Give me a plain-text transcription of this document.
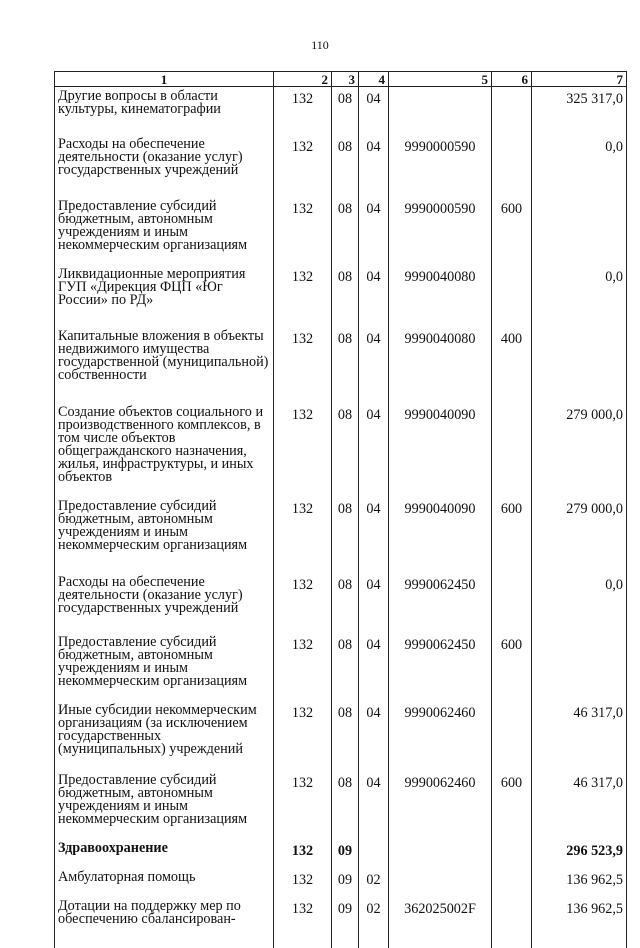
110
1	2	3	4	5	6	7
Другие вопросы в области культуры, кинематографии	132	08	04			325 317,0
Расходы на обеспечение деятельности (оказание услуг) государственных учреждений	132	08	04	9990000590		0,0
Предоставление субсидий бюджетным, автономным учреждениям и иным некоммерческим организациям	132	08	04	9990000590	600	
Ликвидационные мероприятия ГУП «Дирекция ФЦП «Юг России» по РД»	132	08	04	9990040080		0,0
Капитальные вложения в объекты недвижимого имущества государственной (муниципальной) собственности	132	08	04	9990040080	400	
Создание объектов социального и производственного комплексов, в том числе объектов общегражданского назначения, жилья, инфраструктуры, и иных объектов	132	08	04	9990040090		279 000,0
Предоставление субсидий бюджетным, автономным учреждениям и иным некоммерческим организациям	132	08	04	9990040090	600	279 000,0
Расходы на обеспечение деятельности (оказание услуг) государственных учреждений	132	08	04	9990062450		0,0
Предоставление субсидий бюджетным, автономным учреждениям и иным некоммерческим организациям	132	08	04	9990062450	600	
Иные субсидии некоммерческим организациям (за исключением государственных (муниципальных) учреждений	132	08	04	9990062460		46 317,0
Предоставление субсидий бюджетным, автономным учреждениям и иным некоммерческим организациям	132	08	04	9990062460	600	46 317,0
Здравоохранение	132	09				296 523,9
Амбулаторная помощь	132	09	02			136 962,5
Дотации на поддержку мер по обеспечению сбалансирован-	132	09	02	362025002F		136 962,5
